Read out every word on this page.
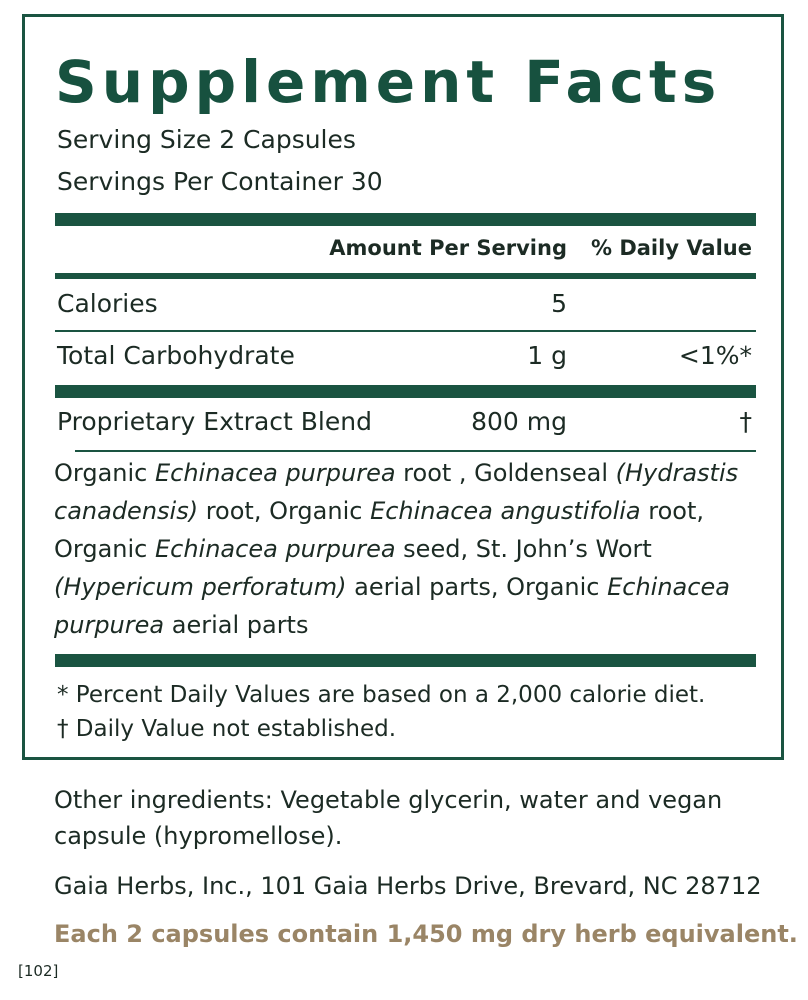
Supplement Facts
Serving Size 2 Capsules
Servings Per Container 30
Amount Per Serving % Daily Value
Calories	5
Total Carbohydrate	1 g	<1%*
Proprietary Extract Blend	800 mg	†
* Percent Daily Values are based on a 2,000 calorie diet.
† Daily Value not established.

Organic Echinacea purpurea root , Goldenseal (Hydrastis canadensis) root, Organic Echinacea angustifolia root, Organic Echinacea purpurea seed, St. John’s Wort (Hypericum perforatum) aerial parts, Organic Echinacea purpurea aerial parts

Other ingredients: Vegetable glycerin, water and vegan capsule (hypromellose).

Gaia Herbs, Inc., 101 Gaia Herbs Drive, Brevard, NC 28712

Each 2 capsules contain 1,450 mg dry herb equivalent.
[102]
